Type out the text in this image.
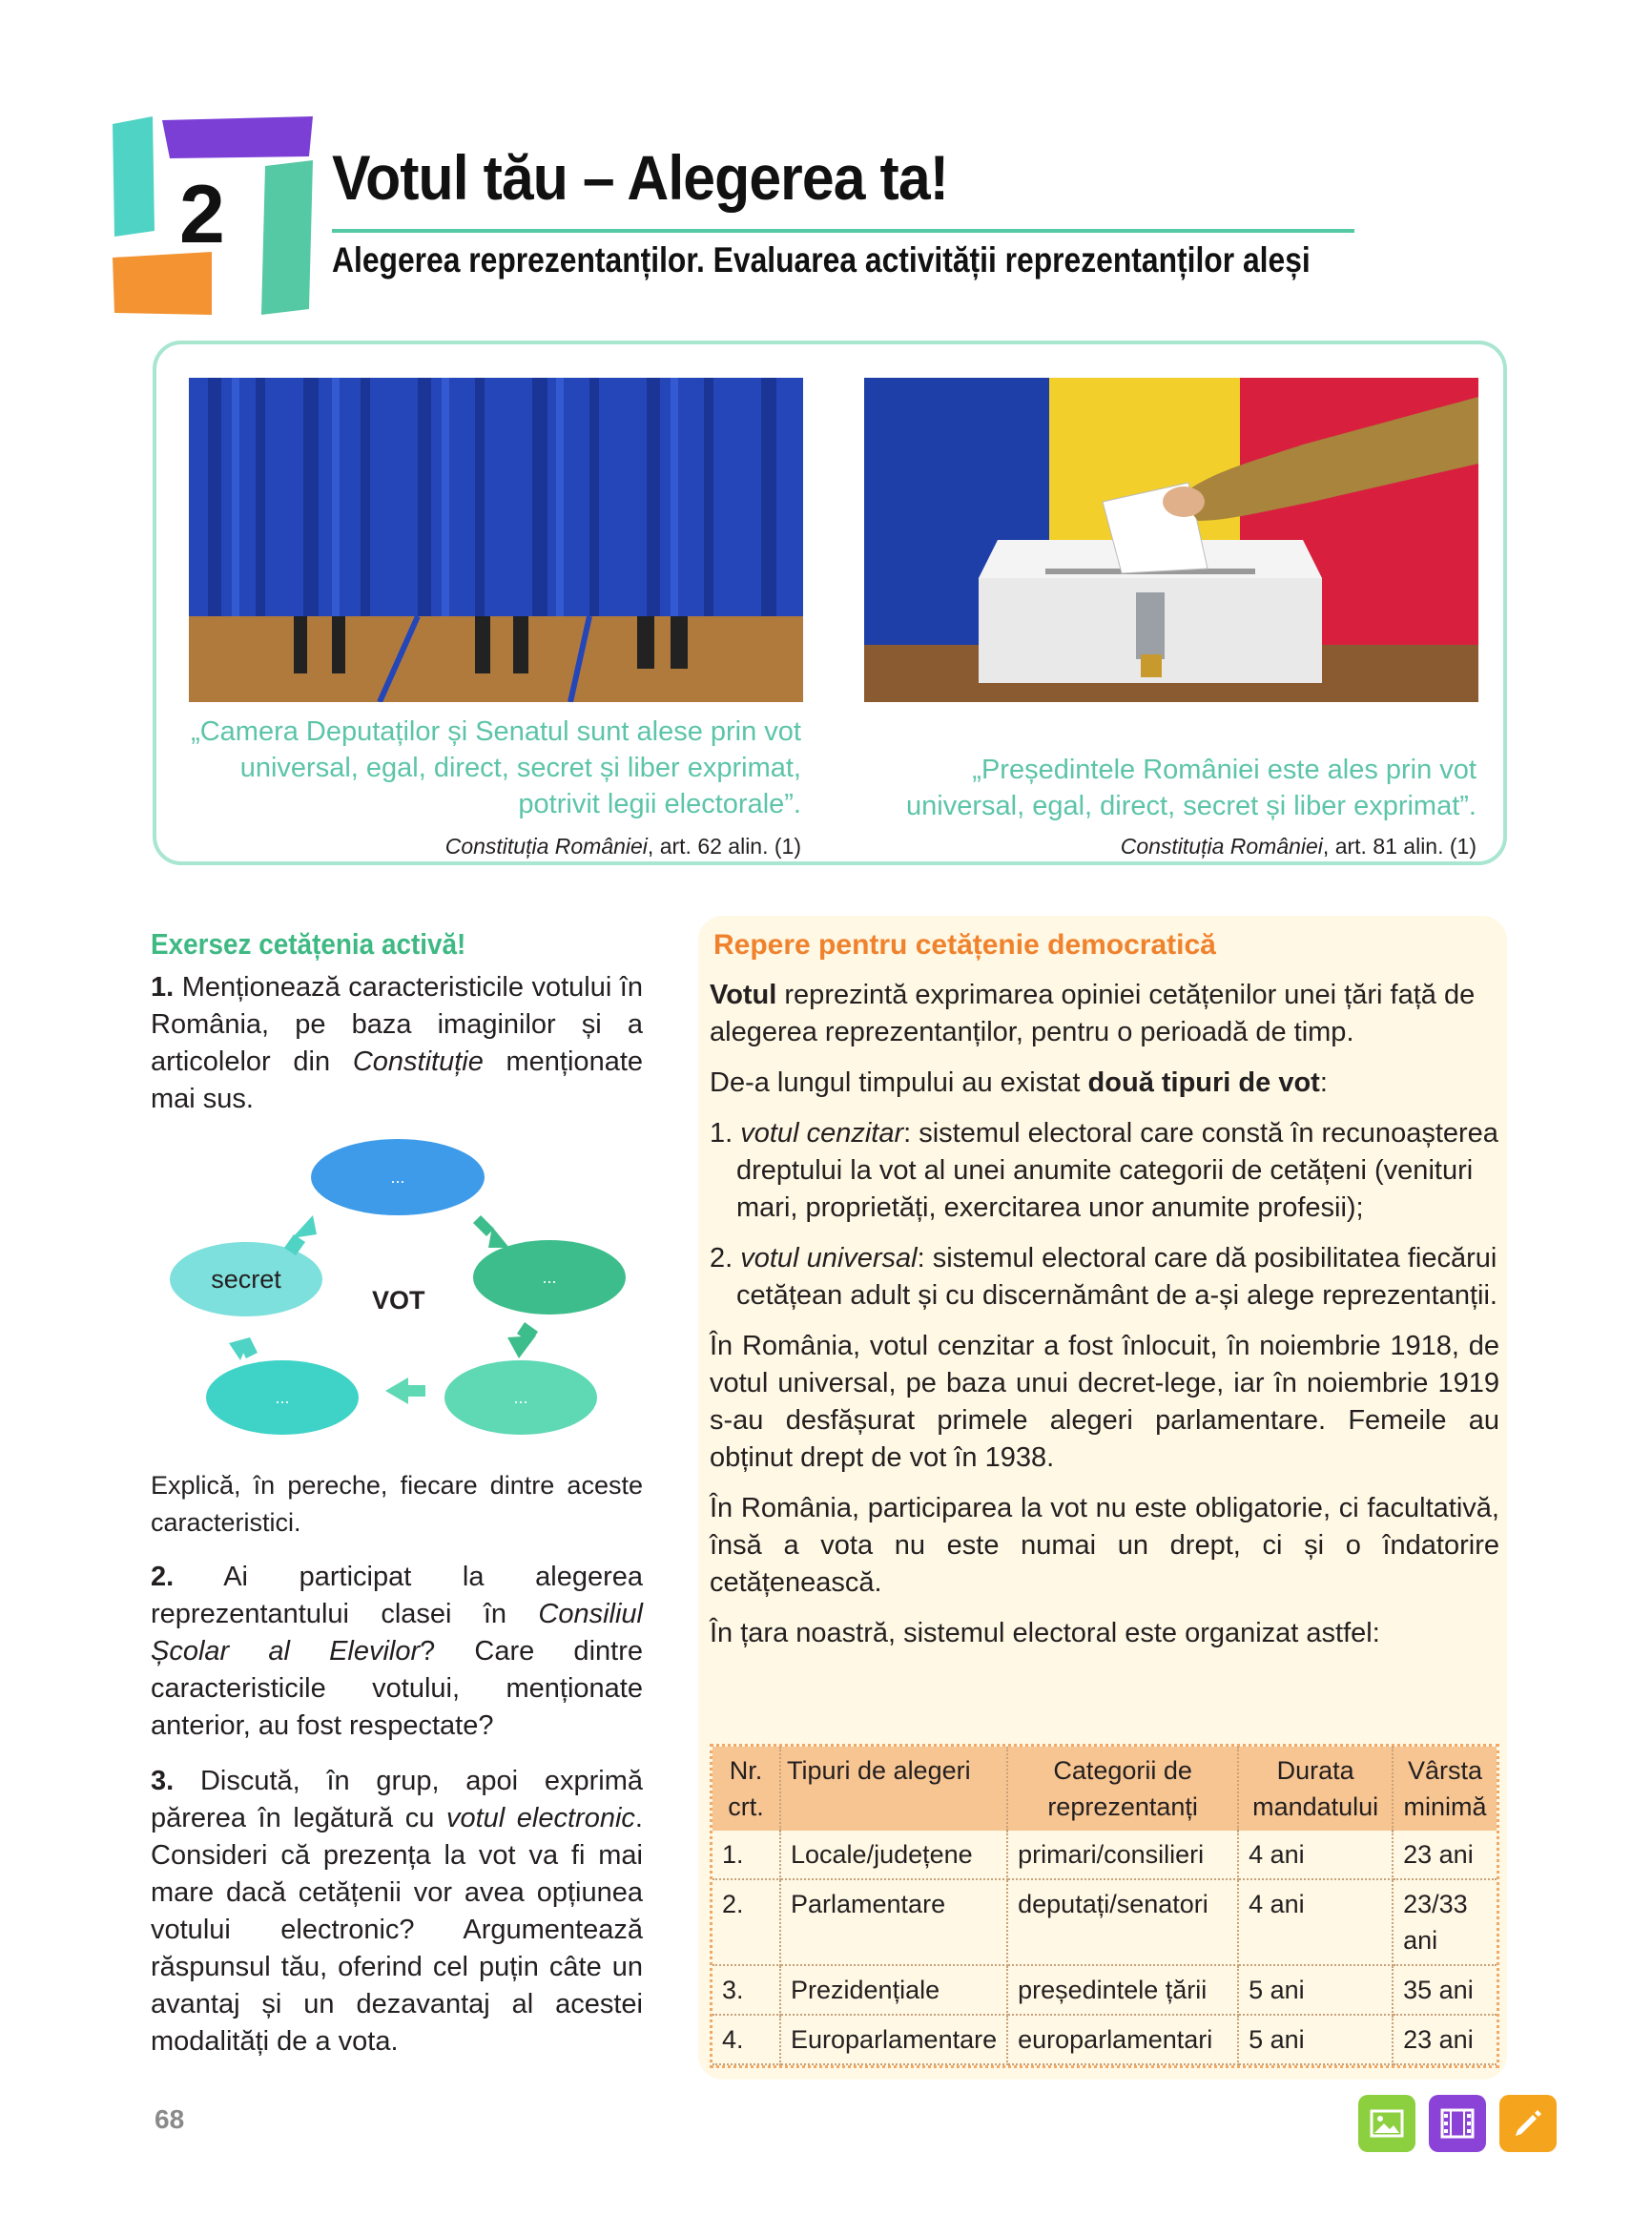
2 Votul tău – Alegerea ta!
Alegerea reprezentanților. Evaluarea activității reprezentanților aleși
„Camera Deputaților și Senatul sunt alese prin vot universal, egal, direct, secret și liber exprimat, potrivit legii electorale”.
Constituția României, art. 62 alin. (1)
„Președintele României este ales prin vot universal, egal, direct, secret și liber exprimat”.
Constituția României, art. 81 alin. (1)
Exersez cetățenia activă!
1. Menționează caracteristicile votului în România, pe baza imaginilor și a articolelor din Constituție menționate mai sus.
...
...
...
...
secret
VOT
Explică, în pereche, fiecare dintre aceste caracteristici.
2. Ai participat la alegerea reprezentantului clasei în Consiliul Școlar al Elevilor? Care dintre caracteristicile votului, menționate anterior, au fost respectate?
3. Discută, în grup, apoi exprimă părerea în legătură cu votul electronic. Consideri că prezența la vot va fi mai mare dacă cetățenii vor avea opțiunea votului electronic? Argumentează răspunsul tău, oferind cel puțin câte un avantaj și un dezavantaj al acestei modalități de a vota.
Repere pentru cetățenie democratică
Votul reprezintă exprimarea opiniei cetățenilor unei țări față de alegerea reprezentanților, pentru o perioadă de timp.
De-a lungul timpului au existat două tipuri de vot:
1. votul cenzitar: sistemul electoral care constă în recunoașterea dreptului la vot al unei anumite categorii de cetățeni (venituri mari, proprietăți, exercitarea unor anumite profesii);
2. votul universal: sistemul electoral care dă posibilitatea fiecărui cetățean adult și cu discernământ de a-și alege reprezentanții.
În România, votul cenzitar a fost înlocuit, în noiembrie 1918, de votul universal, pe baza unui decret-lege, iar în noiembrie 1919 s-au desfășurat primele alegeri parlamentare. Femeile au obținut drept de vot în 1938.
În România, participarea la vot nu este obligatorie, ci facultativă, însă a vota nu este numai un drept, ci și o îndatorire cetățenească.
În țara noastră, sistemul electoral este organizat astfel:
Nr. crt.	Tipuri de alegeri	Categorii de reprezentanți	Durata mandatului	Vârsta minimă
1.	Locale/județene	primari/consilieri	4 ani	23 ani
2.	Parlamentare	deputați/senatori	4 ani	23/33 ani
3.	Prezidențiale	președintele țării	5 ani	35 ani
4.	Europarlamentare	europarlamentari	5 ani	23 ani
68
